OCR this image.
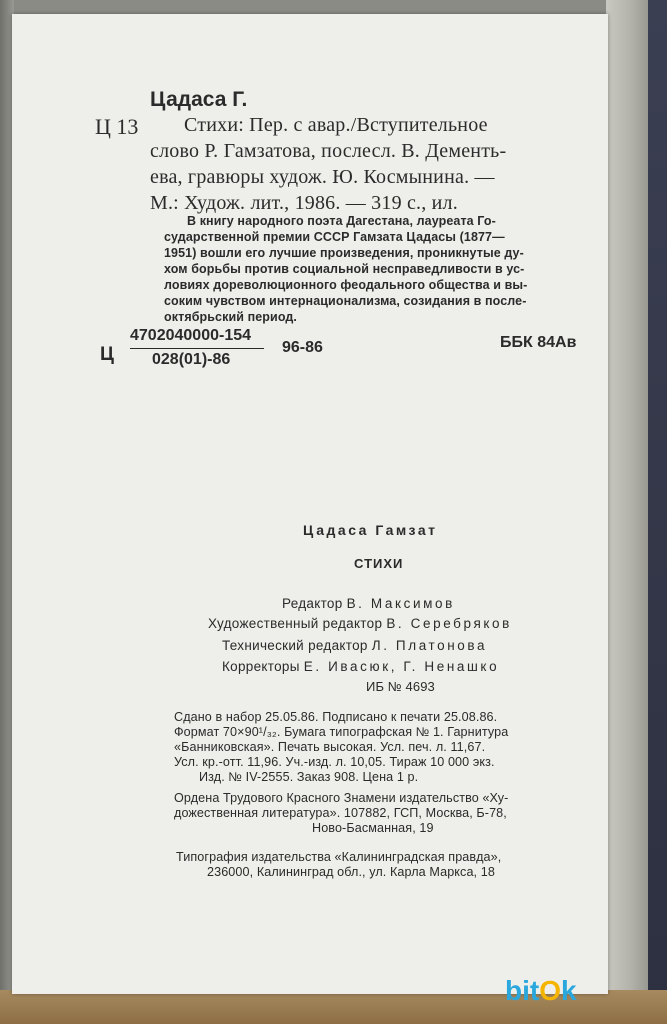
Цадаса Г.
Ц 13 Стихи: Пер. с авар./Вступительное
слово Р. Гамзатова, послесл. В. Дементь-
ева, гравюры худож. Ю. Космынина. —
М.: Худож. лит., 1986. — 319 с., ил.
В книгу народного поэта Дагестана, лауреата Го-
сударственной премии СССР Гамзата Цадасы (1877—
1951) вошли его лучшие произведения, проникнутые ду-
хом борьбы против социальной несправедливости в ус-
ловиях дореволюционного феодального общества и вы-
соким чувством интернационализма, созидания в после-
октябрьский период.
Ц
4702040000-154
028(01)-86
96-86	ББК 84Ав
Цадаса Гамзат
СТИХИ
Редактор В. Максимов
Художественный редактор В. Серебряков
Технический редактор Л. Платонова
Корректоры Е. Ивасюк, Г. Ненашко
ИБ № 4693
Сдано в набор 25.05.86. Подписано к печати 25.08.86.
Формат 70×90¹/₃₂. Бумага типографская № 1. Гарнитура
«Банниковская». Печать высокая. Усл. печ. л. 11,67.
Усл. кр.-отт. 11,96. Уч.-изд. л. 10,05. Тираж 10 000 экз.
Изд. № IV-2555. Заказ 908. Цена 1 р.
Ордена Трудового Красного Знамени издательство «Ху-
дожественная литература». 107882, ГСП, Москва, Б-78,
Ново-Басманная, 19
Типография издательства «Калининградская правда»,
236000, Калининград обл., ул. Карла Маркса, 18
bitOk
